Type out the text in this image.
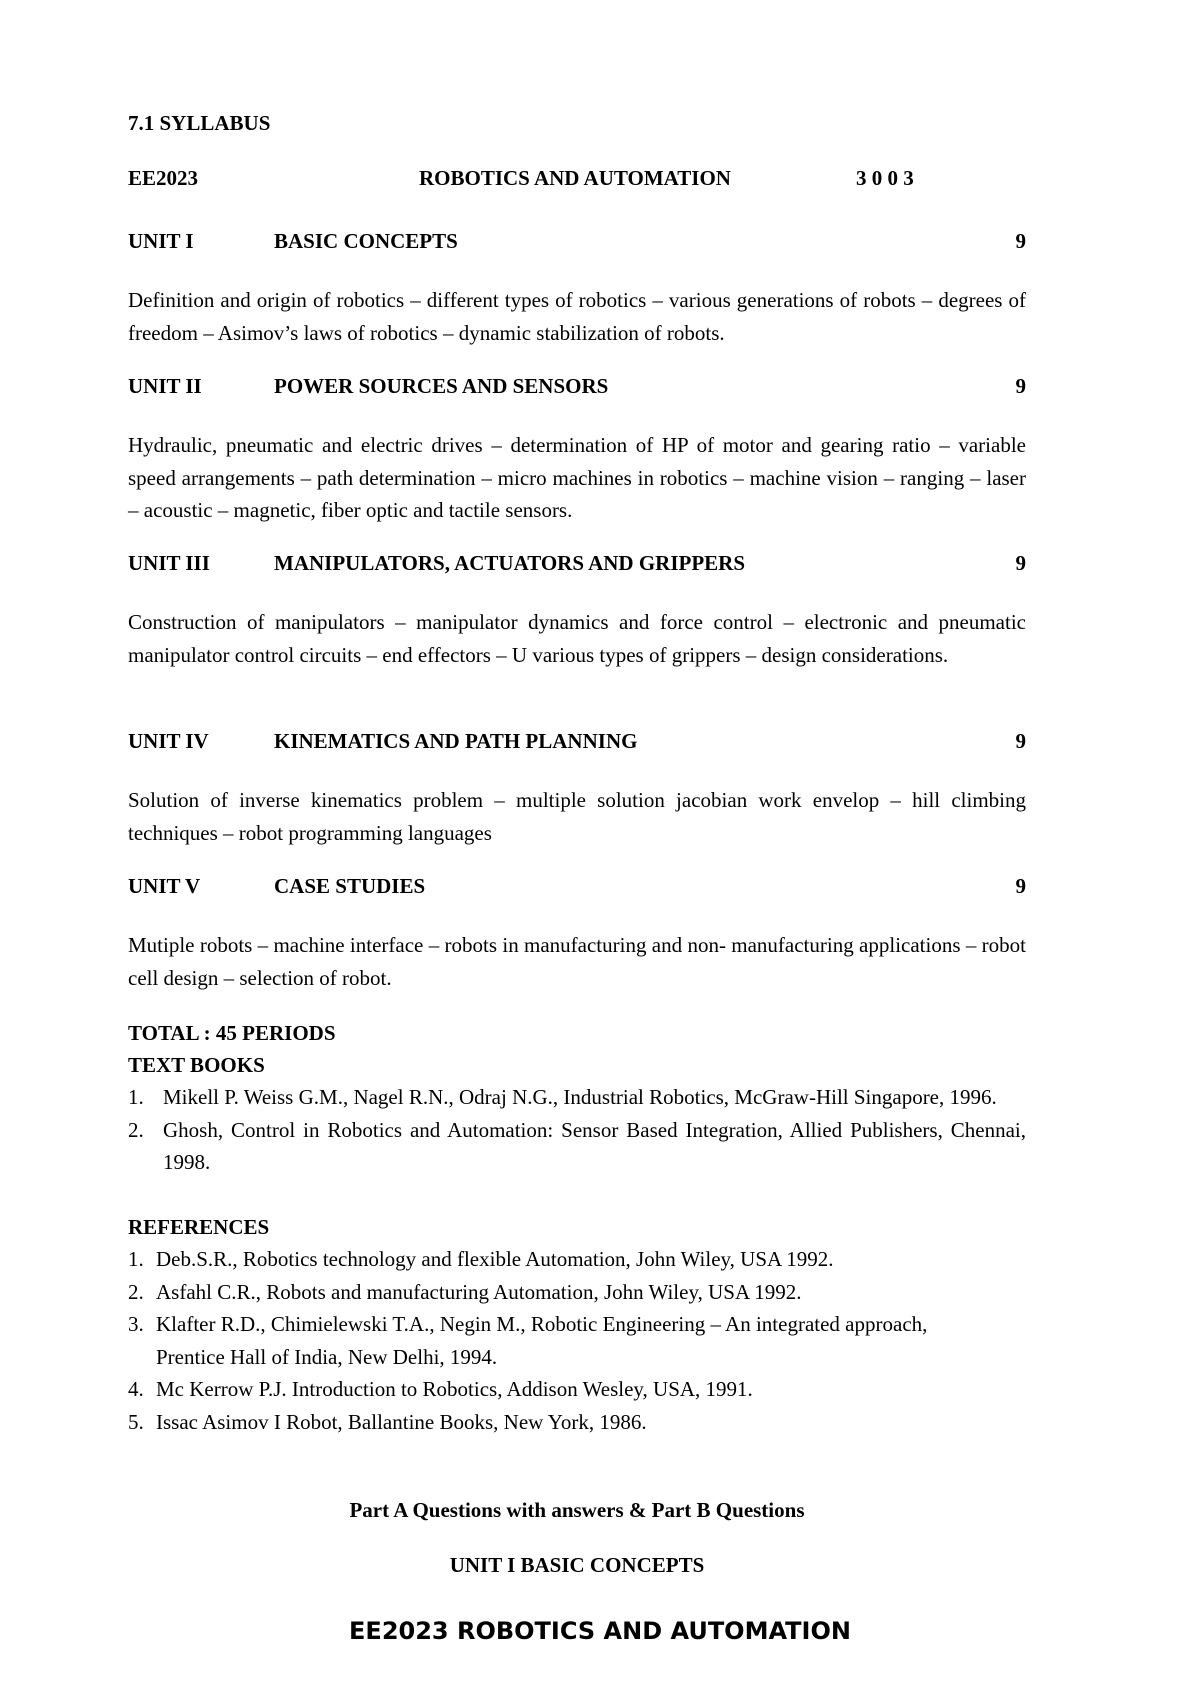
7.1 SYLLABUS
EE2023	ROBOTICS AND AUTOMATION	3 0 0 3
UNIT I	BASIC CONCEPTS	9
Definition and origin of robotics – different types of robotics – various generations of robots – degrees of freedom – Asimov’s laws of robotics – dynamic stabilization of robots.
UNIT II	POWER SOURCES AND SENSORS	9
Hydraulic, pneumatic and electric drives – determination of HP of motor and gearing ratio – variable speed arrangements – path determination – micro machines in robotics – machine vision – ranging – laser – acoustic – magnetic, fiber optic and tactile sensors.
UNIT III	MANIPULATORS, ACTUATORS AND GRIPPERS	9
Construction of manipulators – manipulator dynamics and force control – electronic and pneumatic manipulator control circuits – end effectors – U various types of grippers – design considerations.
UNIT IV	KINEMATICS AND PATH PLANNING	9
Solution of inverse kinematics problem – multiple solution jacobian work envelop – hill climbing techniques – robot programming languages
UNIT V	CASE STUDIES	9
Mutiple robots – machine interface – robots in manufacturing and non- manufacturing applications – robot cell design – selection of robot.
TOTAL : 45 PERIODS
TEXT BOOKS
1. Mikell P. Weiss G.M., Nagel R.N., Odraj N.G., Industrial Robotics, McGraw-Hill Singapore, 1996.
2. Ghosh, Control in Robotics and Automation: Sensor Based Integration, Allied Publishers, Chennai, 1998.
REFERENCES
1. Deb.S.R., Robotics technology and flexible Automation, John Wiley, USA 1992.
2. Asfahl C.R., Robots and manufacturing Automation, John Wiley, USA 1992.
3. Klafter R.D., Chimielewski T.A., Negin M., Robotic Engineering – An integrated approach, Prentice Hall of India, New Delhi, 1994.
4. Mc Kerrow P.J. Introduction to Robotics, Addison Wesley, USA, 1991.
5. Issac Asimov I Robot, Ballantine Books, New York, 1986.
Part A Questions with answers & Part B Questions
UNIT I BASIC CONCEPTS
EE2023 ROBOTICS AND AUTOMATION
